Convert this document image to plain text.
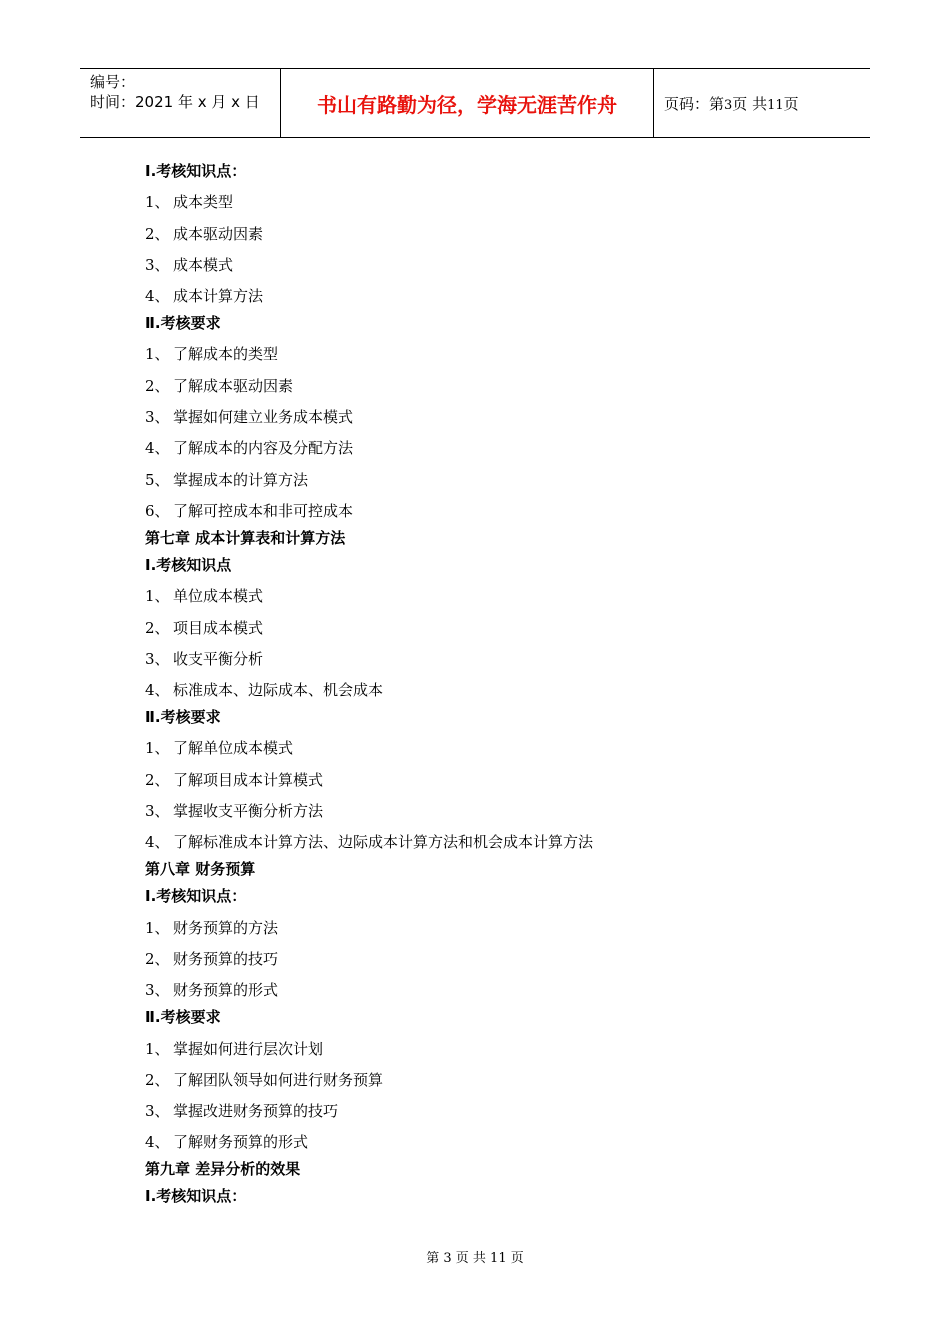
编号：
时间：2021 年 x 月 x 日	书山有路勤为径，学海无涯苦作舟	页码：第3页 共11页
Ⅰ.考核知识点：
1、 成本类型
2、 成本驱动因素
3、 成本模式
4、 成本计算方法
Ⅱ.考核要求
1、 了解成本的类型
2、 了解成本驱动因素
3、 掌握如何建立业务成本模式
4、 了解成本的内容及分配方法
5、 掌握成本的计算方法
6、 了解可控成本和非可控成本
第七章 成本计算表和计算方法
Ⅰ.考核知识点
1、 单位成本模式
2、 项目成本模式
3、 收支平衡分析
4、 标准成本、边际成本、机会成本
Ⅱ.考核要求
1、 了解单位成本模式
2、 了解项目成本计算模式
3、 掌握收支平衡分析方法
4、 了解标准成本计算方法、边际成本计算方法和机会成本计算方法
第八章 财务预算
Ⅰ.考核知识点：
1、 财务预算的方法
2、 财务预算的技巧
3、 财务预算的形式
Ⅱ.考核要求
1、 掌握如何进行层次计划
2、 了解团队领导如何进行财务预算
3、 掌握改进财务预算的技巧
4、 了解财务预算的形式
第九章 差异分析的效果
Ⅰ.考核知识点：
第 3 页 共 11 页
